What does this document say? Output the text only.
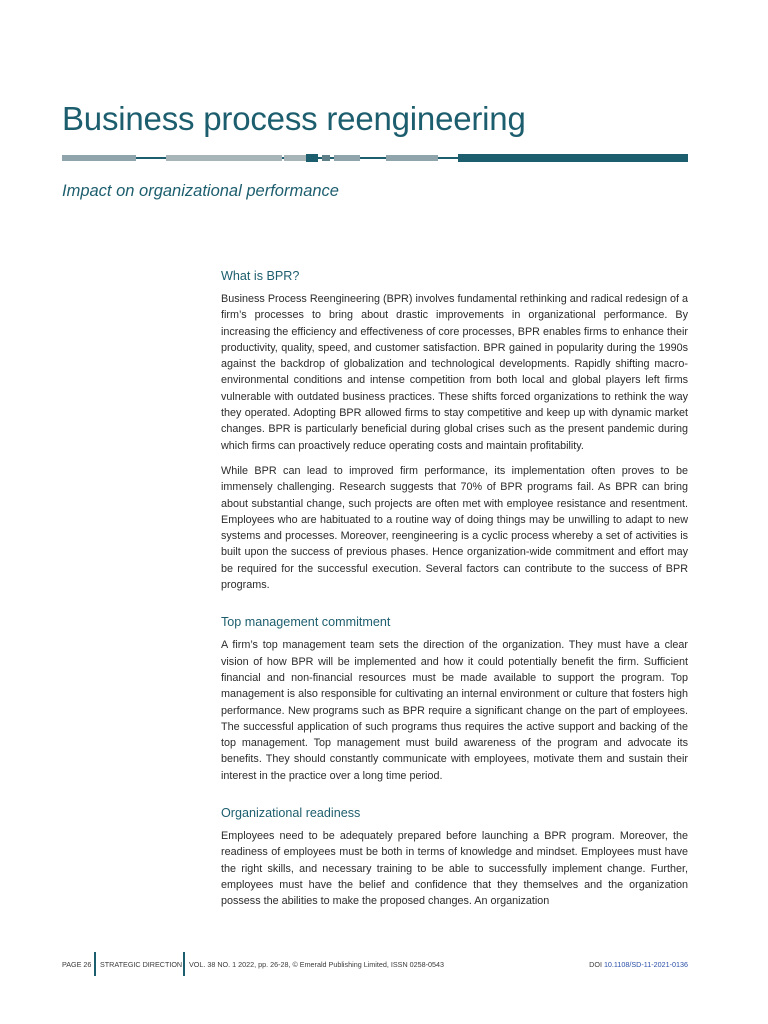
Business process reengineering
Impact on organizational performance
What is BPR?

Business Process Reengineering (BPR) involves fundamental rethinking and radical redesign of a firm’s processes to bring about drastic improvements in organizational performance. By increasing the efficiency and effectiveness of core processes, BPR enables firms to enhance their productivity, quality, speed, and customer satisfaction. BPR gained in popularity during the 1990s against the backdrop of globalization and technological developments. Rapidly shifting macro-environmental conditions and intense competition from both local and global players left firms vulnerable with outdated business practices. These shifts forced organizations to rethink the way they operated. Adopting BPR allowed firms to stay competitive and keep up with dynamic market changes. BPR is particularly beneficial during global crises such as the present pandemic during which firms can proactively reduce operating costs and maintain profitability.

While BPR can lead to improved firm performance, its implementation often proves to be immensely challenging. Research suggests that 70% of BPR programs fail. As BPR can bring about substantial change, such projects are often met with employee resistance and resentment. Employees who are habituated to a routine way of doing things may be unwilling to adapt to new systems and processes. Moreover, reengineering is a cyclic process whereby a set of activities is built upon the success of previous phases. Hence organization-wide commitment and effort may be required for the successful execution. Several factors can contribute to the success of BPR programs.

Top management commitment

A firm’s top management team sets the direction of the organization. They must have a clear vision of how BPR will be implemented and how it could potentially benefit the firm. Sufficient financial and non-financial resources must be made available to support the program. Top management is also responsible for cultivating an internal environment or culture that fosters high performance. New programs such as BPR require a significant change on the part of employees. The successful application of such programs thus requires the active support and backing of the top management. Top management must build awareness of the program and advocate its benefits. They should constantly communicate with employees, motivate them and sustain their interest in the practice over a long time period.

Organizational readiness

Employees need to be adequately prepared before launching a BPR program. Moreover, the readiness of employees must be both in terms of knowledge and mindset. Employees must have the right skills, and necessary training to be able to successfully implement change. Further, employees must have the belief and confidence that they themselves and the organization possess the abilities to make the proposed changes. An organization

PAGE 26 STRATEGIC DIRECTION VOL. 38 NO. 1 2022, pp. 26-28, © Emerald Publishing Limited, ISSN 0258-0543	DOI 10.1108/SD-11-2021-0136
